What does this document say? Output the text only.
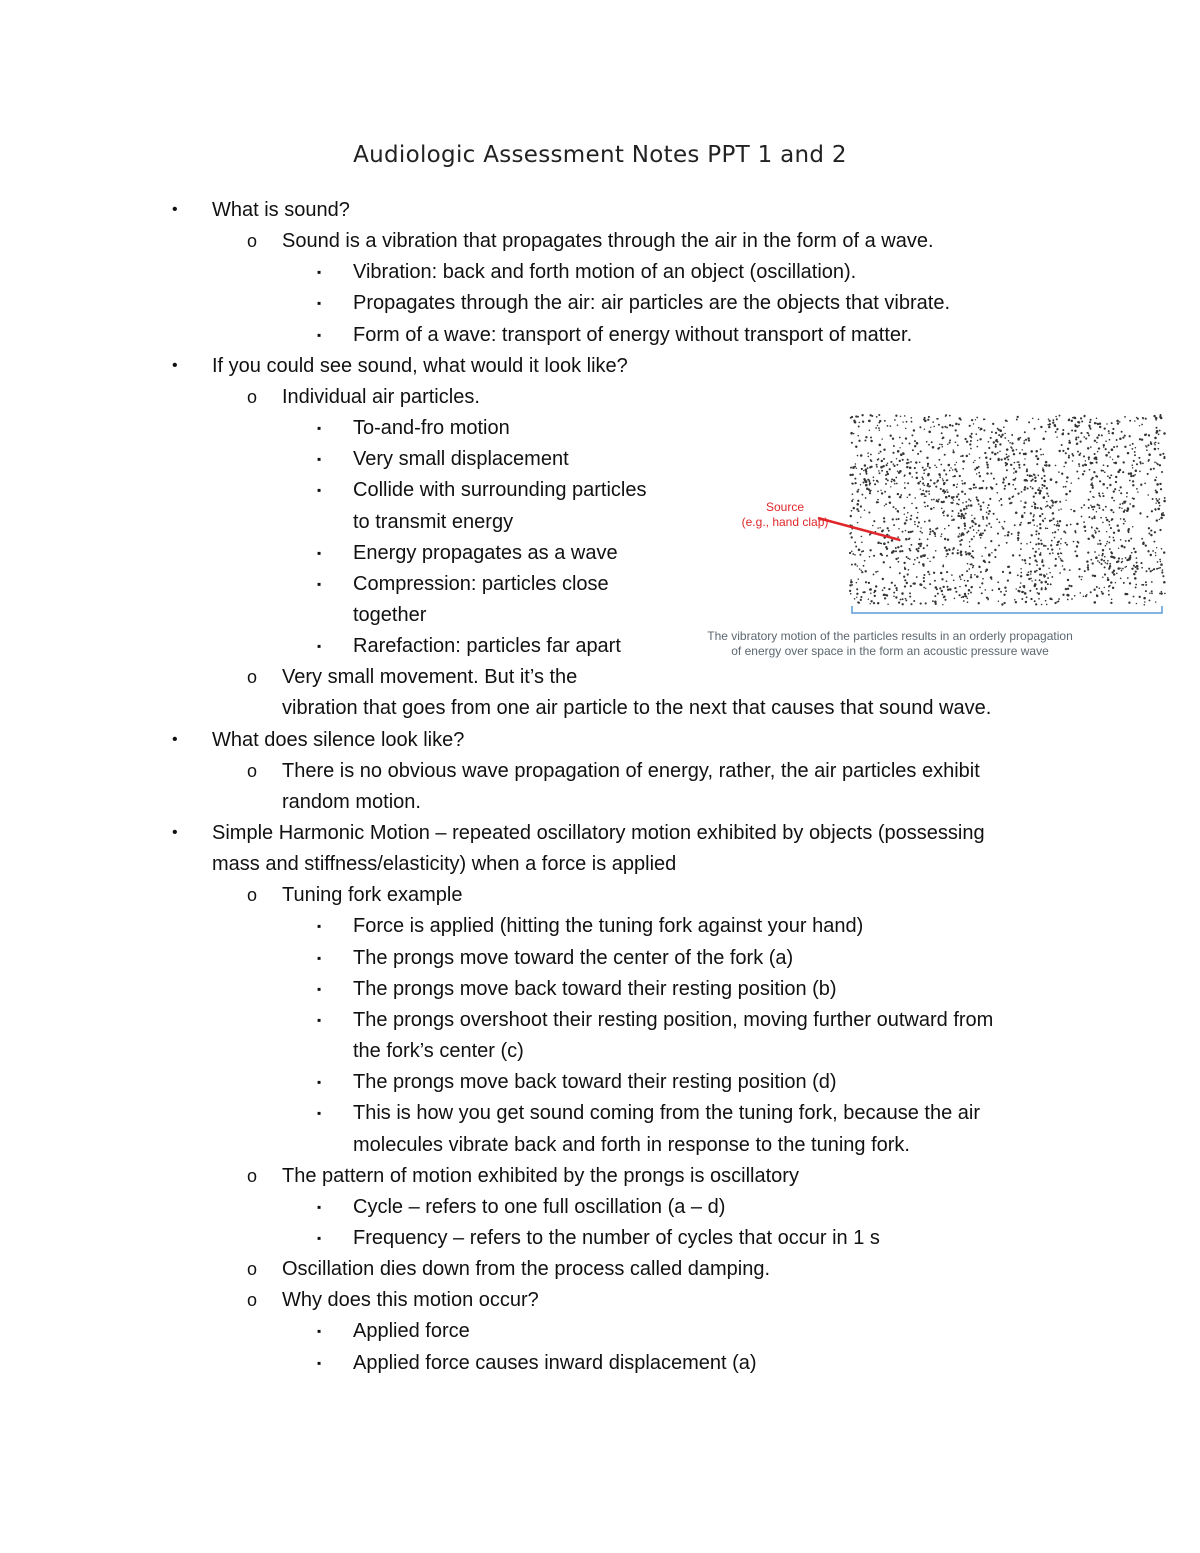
Audiologic Assessment Notes PPT 1 and 2
• What is sound?
o Sound is a vibration that propagates through the air in the form of a wave.
▪ Vibration: back and forth motion of an object (oscillation).
▪ Propagates through the air: air particles are the objects that vibrate.
▪ Form of a wave: transport of energy without transport of matter.
• If you could see sound, what would it look like?
o Individual air particles.
▪ To-and-fro motion
▪ Very small displacement
▪ Collide with surrounding particles
to transmit energy
▪ Energy propagates as a wave
▪ Compression: particles close
together
▪ Rarefaction: particles far apart
o Very small movement. But it’s the
vibration that goes from one air particle to the next that causes that sound wave.
• What does silence look like?
o There is no obvious wave propagation of energy, rather, the air particles exhibit
random motion.
• Simple Harmonic Motion – repeated oscillatory motion exhibited by objects (possessing
mass and stiffness/elasticity) when a force is applied
o Tuning fork example
▪ Force is applied (hitting the tuning fork against your hand)
▪ The prongs move toward the center of the fork (a)
▪ The prongs move back toward their resting position (b)
▪ The prongs overshoot their resting position, moving further outward from
the fork’s center (c)
▪ The prongs move back toward their resting position (d)
▪ This is how you get sound coming from the tuning fork, because the air
molecules vibrate back and forth in response to the tuning fork.
o The pattern of motion exhibited by the prongs is oscillatory
▪ Cycle – refers to one full oscillation (a – d)
▪ Frequency – refers to the number of cycles that occur in 1 s
o Oscillation dies down from the process called damping.
o Why does this motion occur?
▪ Applied force
▪ Applied force causes inward displacement (a)
Source
(e.g., hand clap)
The vibratory motion of the particles results in an orderly propagation
of energy over space in the form an acoustic pressure wave
